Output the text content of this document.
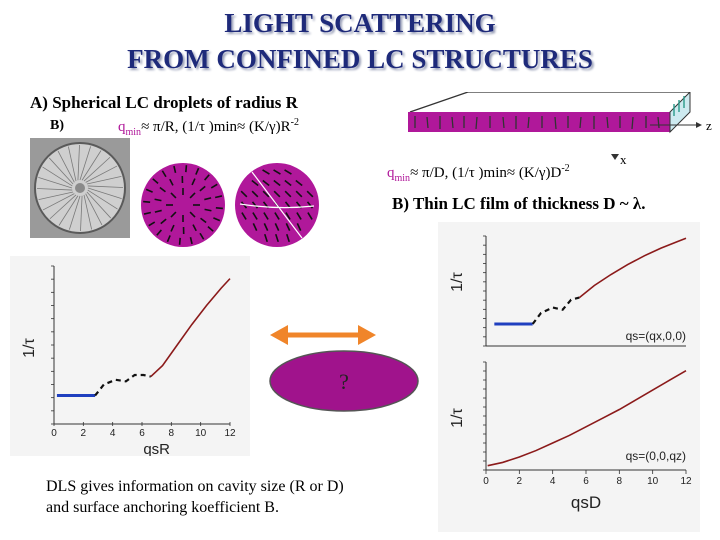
LIGHT SCATTERING
FROM CONFINED LC STRUCTURES
A) Spherical LC droplets of radius R
B)	$q_{min}\approx \pi/R$, (1/τ )$\min\approx (K/\gamma)R^{-2}$	z
x
$q_{min}\approx \pi/D$, (1/τ )$\min\approx (K/\gamma)D^{-2}$
B) Thin LC film of thickness D ~ λ.
0 2 4 6 8 10 12
1/τ
qsR
1/τ
qs=(qx,0,0)
0	2	4	6	8 10 12
1/τ
qs=(0,0,qz)
qsD
?
DLS gives information on cavity size (R or D)
and surface anchoring koefficient B.
